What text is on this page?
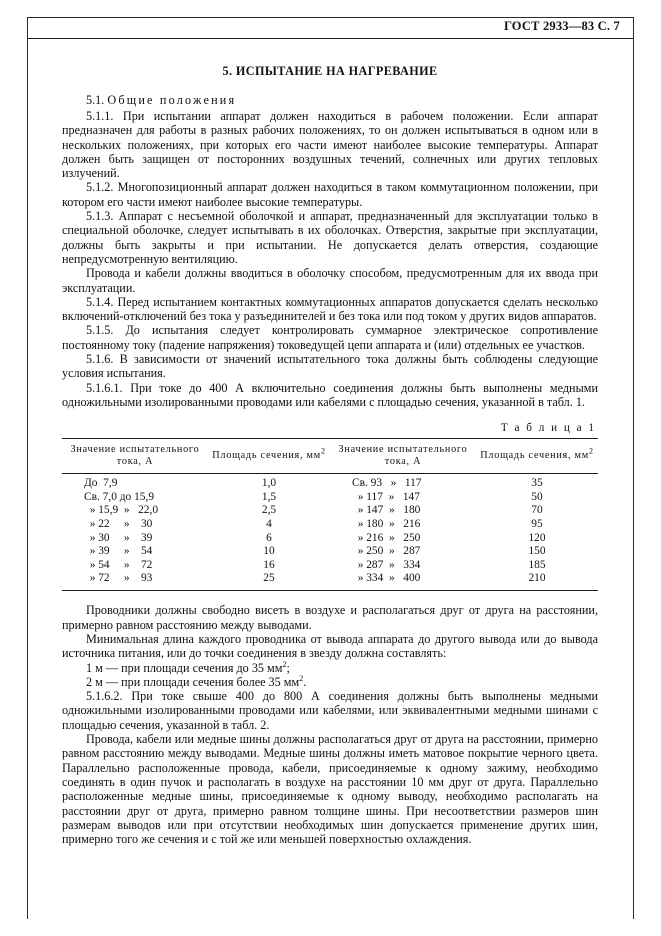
ГОСТ 2933—83 С. 7
5. ИСПЫТАНИЕ НА НАГРЕВАНИЕ
5.1. Общие положения

5.1.1. При испытании аппарат должен находиться в рабочем положении. Если аппарат предназначен для работы в разных рабочих положениях, то он должен испытываться в одном или в нескольких положениях, при которых его части имеют наиболее высокие температуры. Аппарат должен быть защищен от посторонних воздушных течений, солнечных или других тепловых излучений.

5.1.2. Многопозиционный аппарат должен находиться в таком коммутационном положении, при котором его части имеют наиболее высокие температуры.

5.1.3. Аппарат с несъемной оболочкой и аппарат, предназначенный для эксплуатации только в специальной оболочке, следует испытывать в их оболочках. Отверстия, закрытые при эксплуатации, должны быть закрыты и при испытании. Не допускается делать отверстия, создающие непредусмотренную вентиляцию.

Провода и кабели должны вводиться в оболочку способом, предусмотренным для их ввода при эксплуатации.

5.1.4. Перед испытанием контактных коммутационных аппаратов допускается сделать несколько включений-отключений без тока у разъединителей и без тока или под током у других видов аппаратов.

5.1.5. До испытания следует контролировать суммарное электрическое сопротивление постоянному току (падение напряжения) токоведущей цепи аппарата и (или) отдельных ее участков.

5.1.6. В зависимости от значений испытательного тока должны быть соблюдены следующие условия испытания.

5.1.6.1. При токе до 400 А включительно соединения должны быть выполнены медными одножильными изолированными проводами или кабелями с площадью сечения, указанной в табл. 1.

Т а б л и ц а 1
Значение испытательного
тока, А	Площадь сечения, $мм^2$	Значение испытательного
тока, А	Площадь сечения, $мм^2$
До  7,9	1,0	Св. 93   »   117	35
Св. 7,0 до 15,9	1,5	» 117  »   147	50
» 15,9  »   22,0	2,5	» 147  »   180	70
» 22     »    30	4	» 180  »   216	95
» 30     »    39	6	» 216  »   250	120
» 39     »    54	10	» 250  »   287	150
» 54     »    72	16	» 287  »   334	185
» 72     »    93	25	» 334  »   400	210

Проводники должны свободно висеть в воздухе и располагаться друг от друга на расстоянии, примерно равном расстоянию между выводами.

Минимальная длина каждого проводника от вывода аппарата до другого вывода или до вывода источника питания, или до точки соединения в звезду должна составлять:

1 м — при площади сечения до 35 $мм^2$;

2 м — при площади сечения более 35 $мм^2$.

5.1.6.2. При токе свыше 400 до 800 А соединения должны быть выполнены медными одножильными изолированными проводами или кабелями, или эквивалентными медными шинами с площадью сечения, указанной в табл. 2.

Провода, кабели или медные шины должны располагаться друг от друга на расстоянии, примерно равном расстоянию между выводами. Медные шины должны иметь матовое покрытие черного цвета. Параллельно расположенные провода, кабели, присоединяемые к одному зажиму, необходимо соединять в один пучок и располагать в воздухе на расстоянии 10 мм друг от друга. Параллельно расположенные медные шины, присоединяемые к одному выводу, необходимо располагать на расстоянии друг от друга, примерно равном толщине шины. При несоответствии размеров шин размерам выводов или при отсутствии необходимых шин допускается применение других шин, примерно того же сечения и с той же или меньшей поверхностью охлаждения.
